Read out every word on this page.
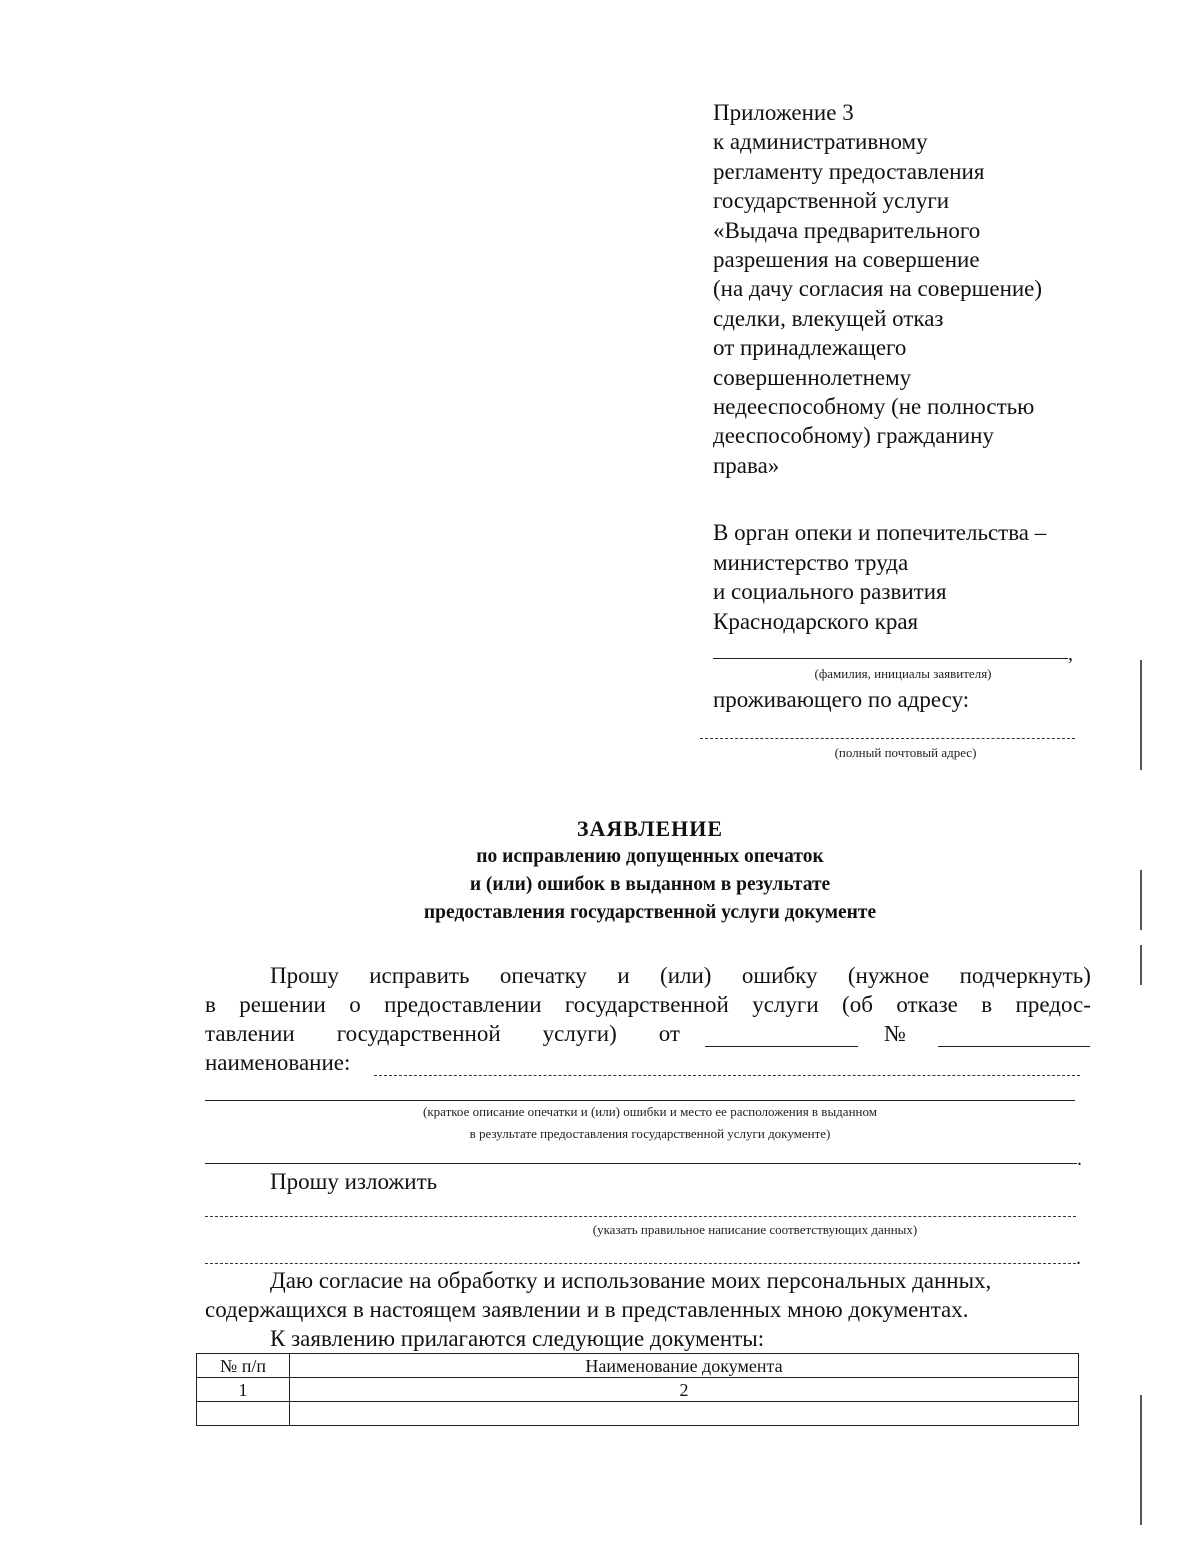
Приложение 3
к административному
регламенту предоставления
государственной услуги
«Выдача предварительного
разрешения на совершение
(на дачу согласия на совершение)
сделки, влекущей отказ
от принадлежащего
совершеннолетнему
недееспособному (не полностью
дееспособному) гражданину
права»
В орган опеки и попечительства –
министерство труда
и социального развития
Краснодарского края
,
(фамилия, инициалы заявителя)
проживающего по адресу:
(полный почтовый адрес)
ЗАЯВЛЕНИЕ
по исправлению допущенных опечаток
и (или) ошибок в выданном в результате
предоставления государственной услуги документе
Прошу исправить опечатку и (или) ошибку (нужное подчеркнуть)
в решении о предоставлении государственной услуги (об отказе в предос-
тавлении государственной услуги) от	№
наименование:
(краткое описание опечатки и (или) ошибки и место ее расположения в выданном
в результате предоставления государственной услуги документе)
.
Прошу изложить
(указать правильное написание соответствующих данных)
.
Даю согласие на обработку и использование моих персональных данных,
содержащихся в настоящем заявлении и в представленных мною документах.
К заявлению прилагаются следующие документы:
№ п/п	Наименование документа
1	2
